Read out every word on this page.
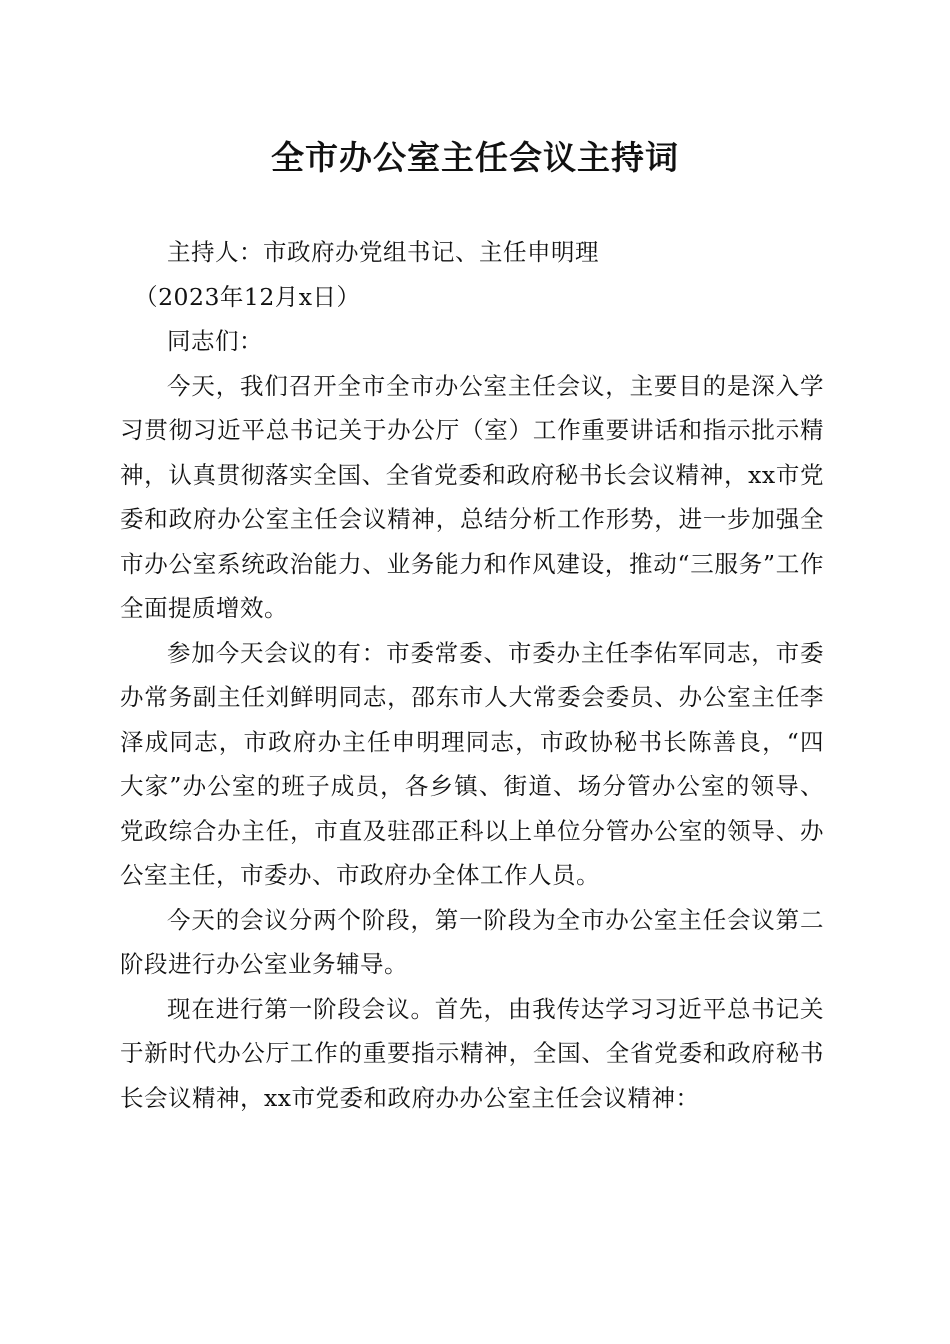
全市办公室主任会议主持词

主持人：市政府办党组书记、主任申明理

（2023年12月x日）

同志们：

今天，我们召开全市全市办公室主任会议，主要目的是深入学习贯彻习近平总书记关于办公厅（室）工作重要讲话和指示批示精神，认真贯彻落实全国、全省党委和政府秘书长会议精神，xx市党委和政府办公室主任会议精神，总结分析工作形势，进一步加强全市办公室系统政治能力、业务能力和作风建设，推动“三服务”工作全面提质增效。

参加今天会议的有：市委常委、市委办主任李佑军同志，市委办常务副主任刘鲜明同志，邵东市人大常委会委员、办公室主任李泽成同志，市政府办主任申明理同志，市政协秘书长陈善良，“四大家”办公室的班子成员，各乡镇、街道、场分管办公室的领导、党政综合办主任，市直及驻邵正科以上单位分管办公室的领导、办公室主任，市委办、市政府办全体工作人员。

今天的会议分两个阶段，第一阶段为全市办公室主任会议第二阶段进行办公室业务辅导。

现在进行第一阶段会议。首先，由我传达学习习近平总书记关于新时代办公厅工作的重要指示精神，全国、全省党委和政府秘书长会议精神，xx市党委和政府办办公室主任会议精神：
